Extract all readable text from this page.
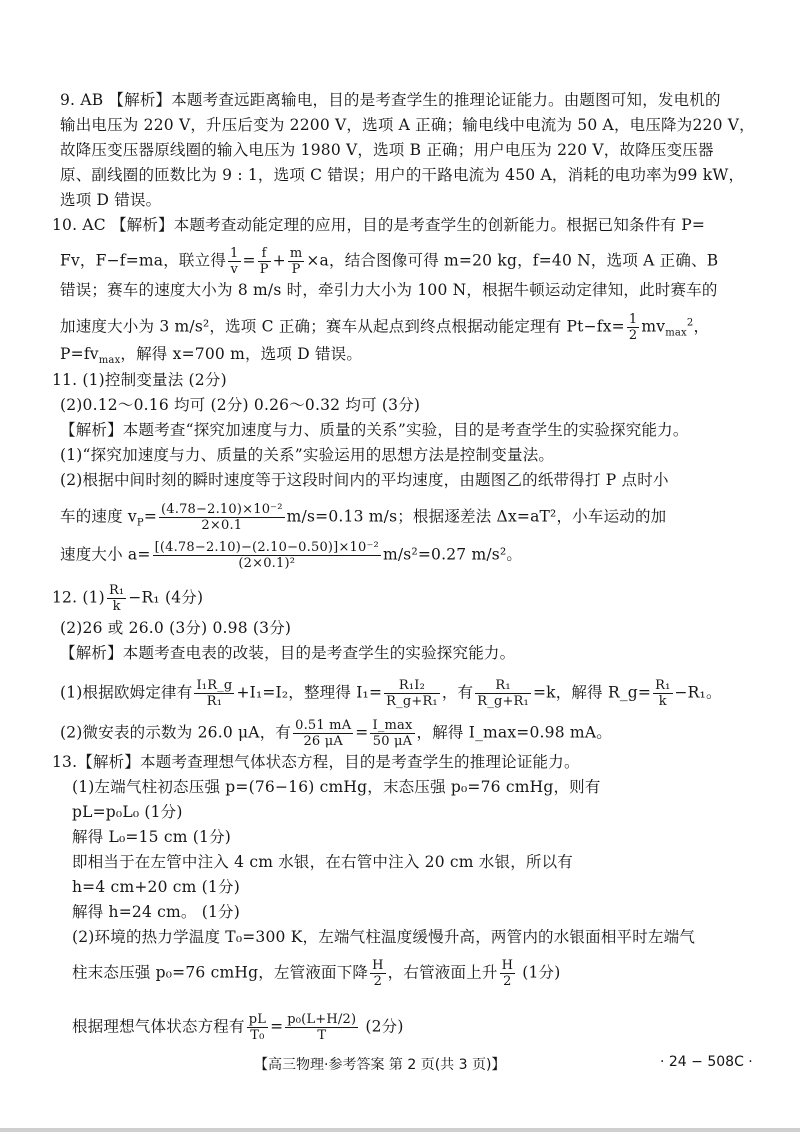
9. AB 【解析】本题考查远距离输电，目的是考查学生的推理论证能力。由题图可知，发电机的
输出电压为 220 V，升压后变为 2200 V，选项 A 正确；输电线中电流为 50 A，电压降为220 V，
故降压变压器原线圈的输入电压为 1980 V，选项 B 正确；用户电压为 220 V，故降压变压器
原、副线圈的匝数比为 9 : 1，选项 C 错误；用户的干路电流为 450 A，消耗的电功率为99 kW，
选项 D 错误。
10. AC 【解析】本题考查动能定理的应用，目的是考查学生的创新能力。根据已知条件有 P=
Fv，F−f=ma，联立得 $\frac{1}{v} = \frac{f}{P} + \frac{m}{P} \times a$，结合图像可得 m=20 kg，f=40 N，选项 A 正确、B
错误；赛车的速度大小为 8 m/s 时，牵引力大小为 100 N，根据牛顿运动定律知，此时赛车的
加速度大小为 3 m/s²，选项 C 正确；赛车从起点到终点根据动能定理有 $Pt-fx= \frac{1}{2} mv_{max}^2$，
$P=fv_{max}$，解得 x=700 m，选项 D 错误。
11. (1)控制变量法 (2分)
(2)0.12～0.16 均可 (2分) 0.26～0.32 均可 (3分)
【解析】本题考查“探究加速度与力、质量的关系”实验，目的是考查学生的实验探究能力。
(1)“探究加速度与力、质量的关系”实验运用的思想方法是控制变量法。
(2)根据中间时刻的瞬时速度等于这段时间内的平均速度，由题图乙的纸带得打 P 点时小
车的速度 $v_P= \frac{\text{(4.78−2.10)×10⁻²}}{2\times 0.1} m/s=0.13$ m/s；根据逐差法 Δx=aT²，小车运动的加
速度大小 $a= \frac{\text{[(4.78−2.10)−(2.10−0.50)]×10⁻²}}{\text{(2×0.1)²}} m/s^2=0.27$ m/s²。
12. $(1) \frac{\text{R₁}}{k} -R_1$ (4分)
(2)26 或 26.0 (3分) 0.98 (3分)
【解析】本题考查电表的改装，目的是考查学生的实验探究能力。
(1)根据欧姆定律有 $\frac{\text{I₁R\_g}}{\text{R₁}} +I_1=I_2$，整理得 $I_1= \frac{\text{R₁I₂}}{\text{R\_g+R₁}}$ ，有 $\frac{\text{R₁}}{\text{R\_g+R₁}} =k$，解得 R_g= $\frac{\text{R₁}}{k} -R_1$。
(2)微安表的示数为 26.0 μA，有 $\frac{0.51 mA}{26 \mu A} = \frac{I\_\max}{50 \mu A}$ ，解得 I_max=0.98 mA。
13.【解析】本题考查理想气体状态方程，目的是考查学生的推理论证能力。
(1)左端气柱初态压强 p=(76−16) cmHg，末态压强 p₀=76 cmHg，则有
pL=p₀L₀ (1分)
解得 L₀=15 cm (1分)
即相当于在左管中注入 4 cm 水银，在右管中注入 20 cm 水银，所以有
h=4 cm+20 cm (1分)
解得 h=24 cm。 (1分)
(2)环境的热力学温度 T₀=300 K，左端气柱温度缓慢升高，两管内的水银面相平时左端气
柱末态压强 p₀=76 cmHg，左管液面下降 $\frac{H}{2}$ ，右管液面上升 $\frac{H}{2} (1$分)
根据理想气体状态方程有 $\frac{pL}{\text{T₀}} = \frac{\text{p₀(L+H/2)}}{T} (2$分)
【高三物理·参考答案 第 2 页(共 3 页)】	· 24 − 508C ·
